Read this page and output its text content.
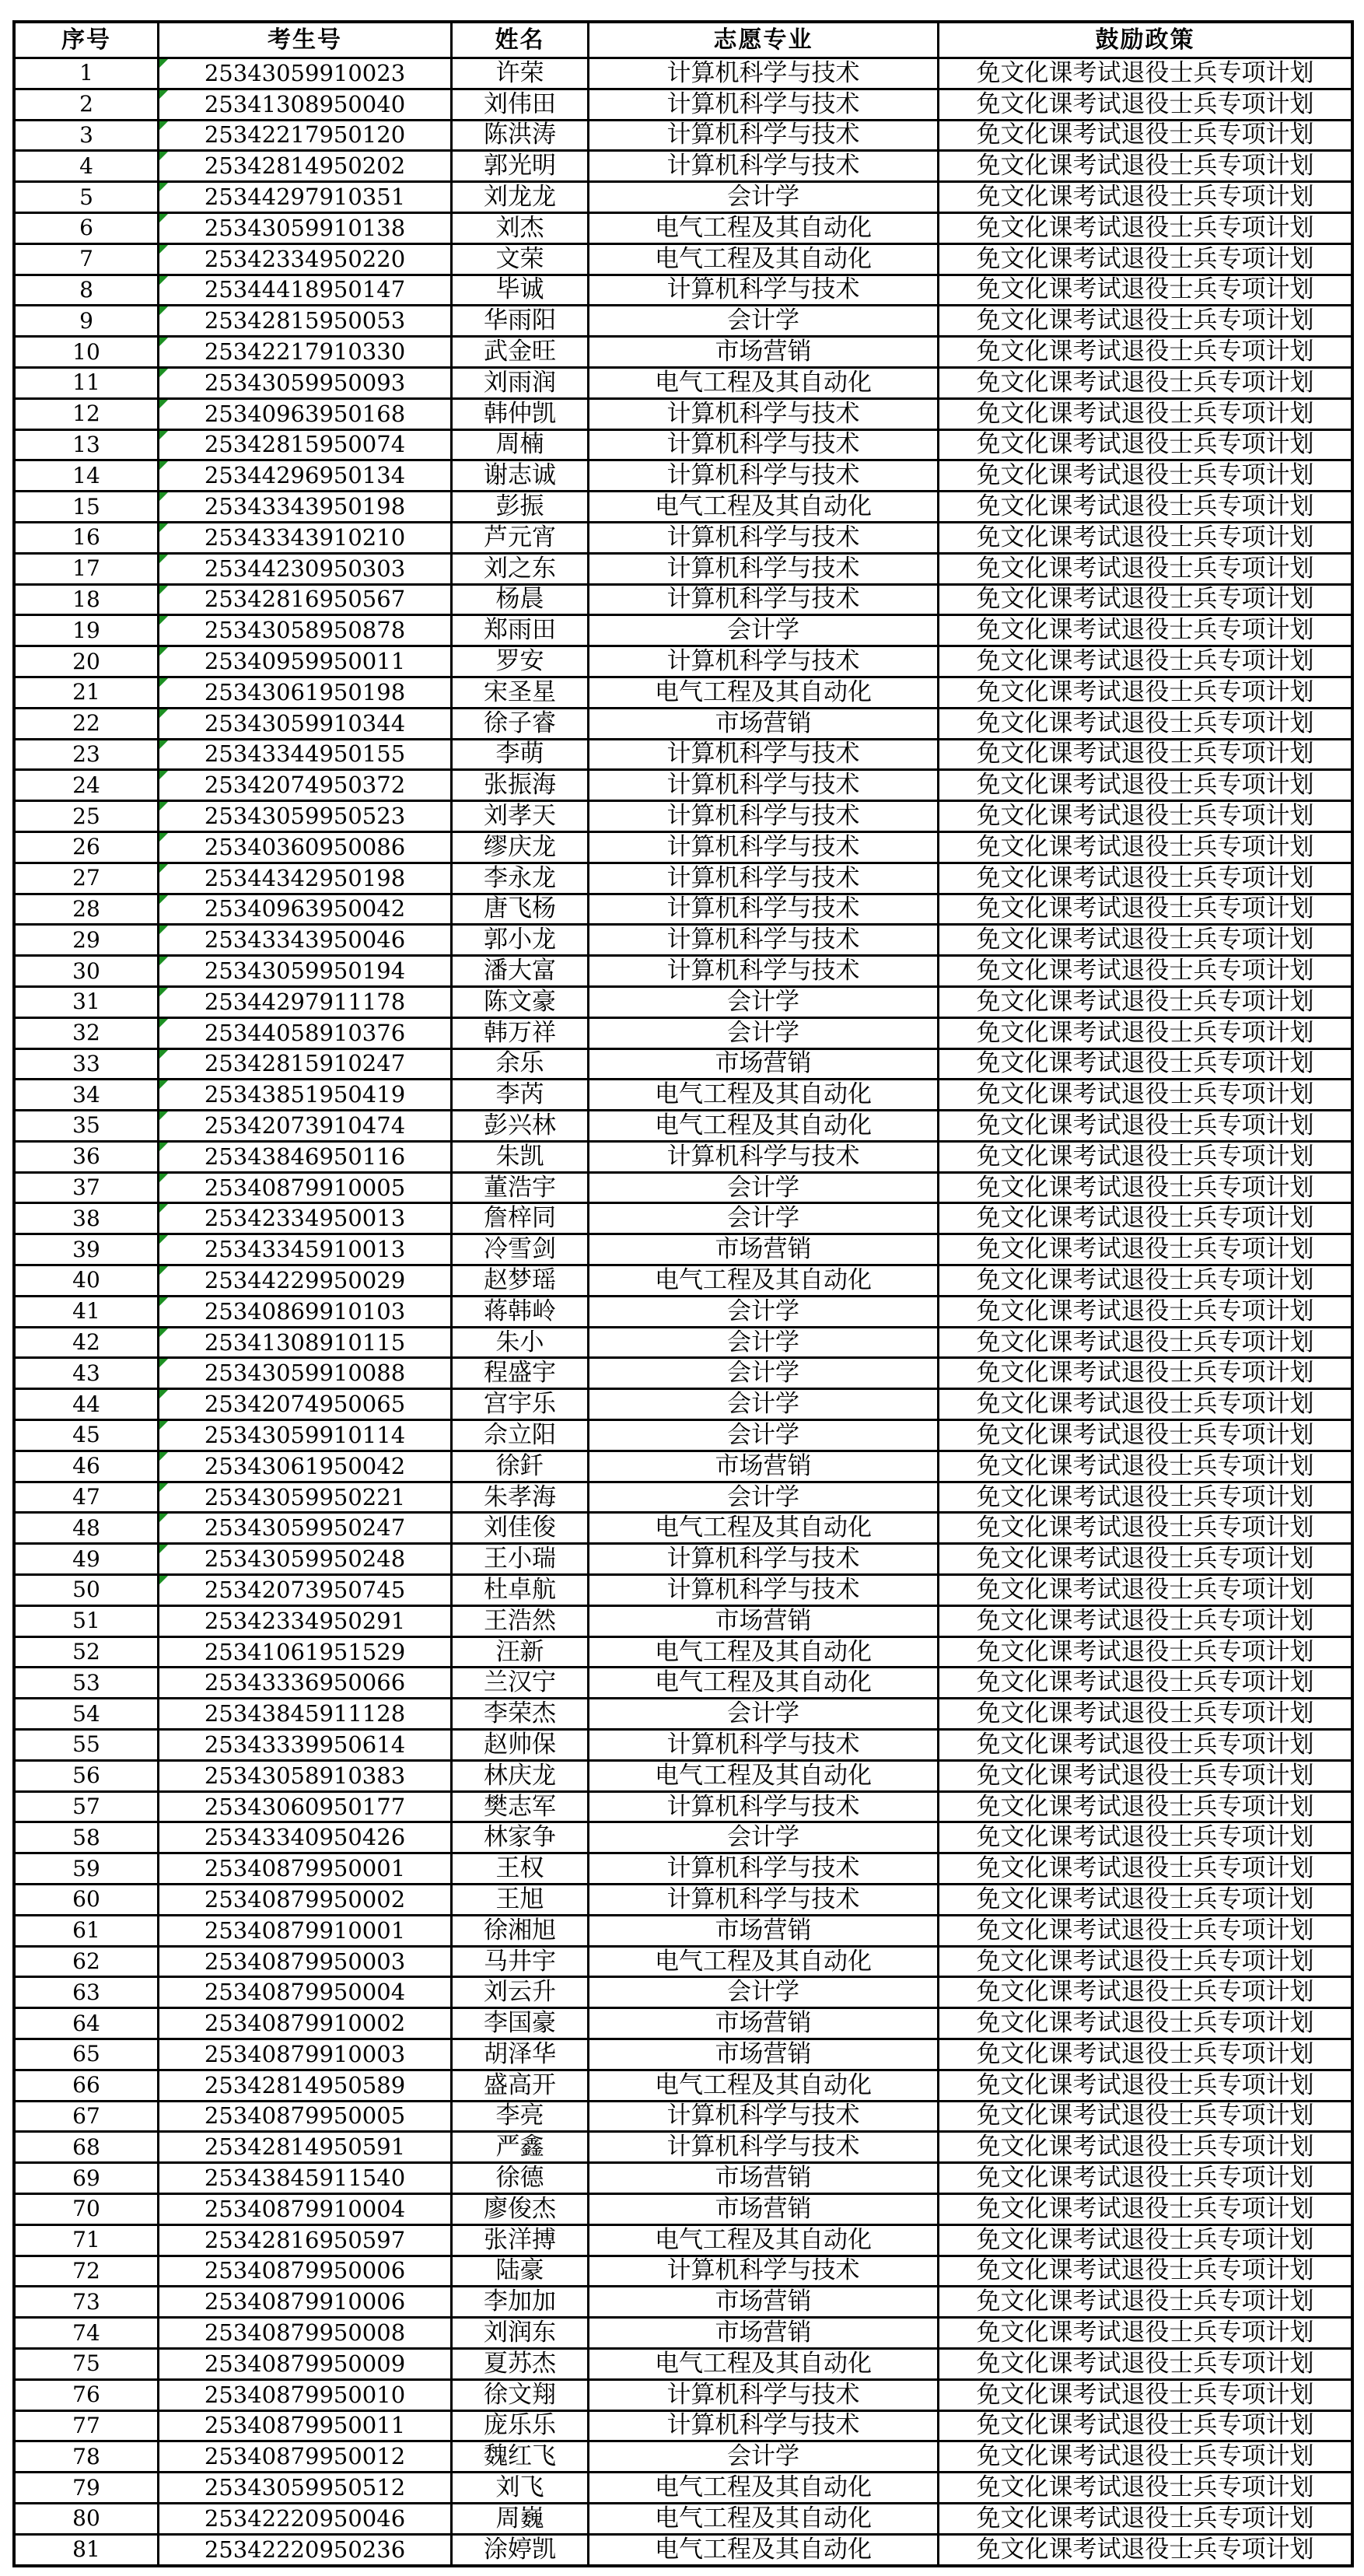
序号	考生号	姓名	志愿专业	鼓励政策
1	25343059910023	许荣	计算机科学与技术	免文化课考试退役士兵专项计划
2	25341308950040	刘伟田	计算机科学与技术	免文化课考试退役士兵专项计划
3	25342217950120	陈洪涛	计算机科学与技术	免文化课考试退役士兵专项计划
4	25342814950202	郭光明	计算机科学与技术	免文化课考试退役士兵专项计划
5	25344297910351	刘龙龙	会计学	免文化课考试退役士兵专项计划
6	25343059910138	刘杰	电气工程及其自动化	免文化课考试退役士兵专项计划
7	25342334950220	文荣	电气工程及其自动化	免文化课考试退役士兵专项计划
8	25344418950147	毕诚	计算机科学与技术	免文化课考试退役士兵专项计划
9	25342815950053	华雨阳	会计学	免文化课考试退役士兵专项计划
10	25342217910330	武金旺	市场营销	免文化课考试退役士兵专项计划
11	25343059950093	刘雨润	电气工程及其自动化	免文化课考试退役士兵专项计划
12	25340963950168	韩仲凯	计算机科学与技术	免文化课考试退役士兵专项计划
13	25342815950074	周楠	计算机科学与技术	免文化课考试退役士兵专项计划
14	25344296950134	谢志诚	计算机科学与技术	免文化课考试退役士兵专项计划
15	25343343950198	彭振	电气工程及其自动化	免文化课考试退役士兵专项计划
16	25343343910210	芦元宵	计算机科学与技术	免文化课考试退役士兵专项计划
17	25344230950303	刘之东	计算机科学与技术	免文化课考试退役士兵专项计划
18	25342816950567	杨晨	计算机科学与技术	免文化课考试退役士兵专项计划
19	25343058950878	郑雨田	会计学	免文化课考试退役士兵专项计划
20	25340959950011	罗安	计算机科学与技术	免文化课考试退役士兵专项计划
21	25343061950198	宋圣星	电气工程及其自动化	免文化课考试退役士兵专项计划
22	25343059910344	徐子睿	市场营销	免文化课考试退役士兵专项计划
23	25343344950155	李萌	计算机科学与技术	免文化课考试退役士兵专项计划
24	25342074950372	张振海	计算机科学与技术	免文化课考试退役士兵专项计划
25	25343059950523	刘孝天	计算机科学与技术	免文化课考试退役士兵专项计划
26	25340360950086	缪庆龙	计算机科学与技术	免文化课考试退役士兵专项计划
27	25344342950198	李永龙	计算机科学与技术	免文化课考试退役士兵专项计划
28	25340963950042	唐飞杨	计算机科学与技术	免文化课考试退役士兵专项计划
29	25343343950046	郭小龙	计算机科学与技术	免文化课考试退役士兵专项计划
30	25343059950194	潘大富	计算机科学与技术	免文化课考试退役士兵专项计划
31	25344297911178	陈文豪	会计学	免文化课考试退役士兵专项计划
32	25344058910376	韩万祥	会计学	免文化课考试退役士兵专项计划
33	25342815910247	余乐	市场营销	免文化课考试退役士兵专项计划
34	25343851950419	李芮	电气工程及其自动化	免文化课考试退役士兵专项计划
35	25342073910474	彭兴林	电气工程及其自动化	免文化课考试退役士兵专项计划
36	25343846950116	朱凯	计算机科学与技术	免文化课考试退役士兵专项计划
37	25340879910005	董浩宇	会计学	免文化课考试退役士兵专项计划
38	25342334950013	詹梓同	会计学	免文化课考试退役士兵专项计划
39	25343345910013	冷雪剑	市场营销	免文化课考试退役士兵专项计划
40	25344229950029	赵梦瑶	电气工程及其自动化	免文化课考试退役士兵专项计划
41	25340869910103	蒋韩岭	会计学	免文化课考试退役士兵专项计划
42	25341308910115	朱小	会计学	免文化课考试退役士兵专项计划
43	25343059910088	程盛宇	会计学	免文化课考试退役士兵专项计划
44	25342074950065	宫宇乐	会计学	免文化课考试退役士兵专项计划
45	25343059910114	佘立阳	会计学	免文化课考试退役士兵专项计划
46	25343061950042	徐釺	市场营销	免文化课考试退役士兵专项计划
47	25343059950221	朱孝海	会计学	免文化课考试退役士兵专项计划
48	25343059950247	刘佳俊	电气工程及其自动化	免文化课考试退役士兵专项计划
49	25343059950248	王小瑞	计算机科学与技术	免文化课考试退役士兵专项计划
50	25342073950745	杜卓航	计算机科学与技术	免文化课考试退役士兵专项计划
51	25342334950291	王浩然	市场营销	免文化课考试退役士兵专项计划
52	25341061951529	汪新	电气工程及其自动化	免文化课考试退役士兵专项计划
53	25343336950066	兰汉宁	电气工程及其自动化	免文化课考试退役士兵专项计划
54	25343845911128	李荣杰	会计学	免文化课考试退役士兵专项计划
55	25343339950614	赵帅保	计算机科学与技术	免文化课考试退役士兵专项计划
56	25343058910383	林庆龙	电气工程及其自动化	免文化课考试退役士兵专项计划
57	25343060950177	樊志军	计算机科学与技术	免文化课考试退役士兵专项计划
58	25343340950426	林家争	会计学	免文化课考试退役士兵专项计划
59	25340879950001	王权	计算机科学与技术	免文化课考试退役士兵专项计划
60	25340879950002	王旭	计算机科学与技术	免文化课考试退役士兵专项计划
61	25340879910001	徐湘旭	市场营销	免文化课考试退役士兵专项计划
62	25340879950003	马井宇	电气工程及其自动化	免文化课考试退役士兵专项计划
63	25340879950004	刘云升	会计学	免文化课考试退役士兵专项计划
64	25340879910002	李国豪	市场营销	免文化课考试退役士兵专项计划
65	25340879910003	胡泽华	市场营销	免文化课考试退役士兵专项计划
66	25342814950589	盛高开	电气工程及其自动化	免文化课考试退役士兵专项计划
67	25340879950005	李亮	计算机科学与技术	免文化课考试退役士兵专项计划
68	25342814950591	严鑫	计算机科学与技术	免文化课考试退役士兵专项计划
69	25343845911540	徐德	市场营销	免文化课考试退役士兵专项计划
70	25340879910004	廖俊杰	市场营销	免文化课考试退役士兵专项计划
71	25342816950597	张洋搏	电气工程及其自动化	免文化课考试退役士兵专项计划
72	25340879950006	陆豪	计算机科学与技术	免文化课考试退役士兵专项计划
73	25340879910006	李加加	市场营销	免文化课考试退役士兵专项计划
74	25340879950008	刘润东	市场营销	免文化课考试退役士兵专项计划
75	25340879950009	夏苏杰	电气工程及其自动化	免文化课考试退役士兵专项计划
76	25340879950010	徐文翔	计算机科学与技术	免文化课考试退役士兵专项计划
77	25340879950011	庞乐乐	计算机科学与技术	免文化课考试退役士兵专项计划
78	25340879950012	魏红飞	会计学	免文化课考试退役士兵专项计划
79	25343059950512	刘飞	电气工程及其自动化	免文化课考试退役士兵专项计划
80	25342220950046	周巍	电气工程及其自动化	免文化课考试退役士兵专项计划
81	25342220950236	涂婷凯	电气工程及其自动化	免文化课考试退役士兵专项计划
